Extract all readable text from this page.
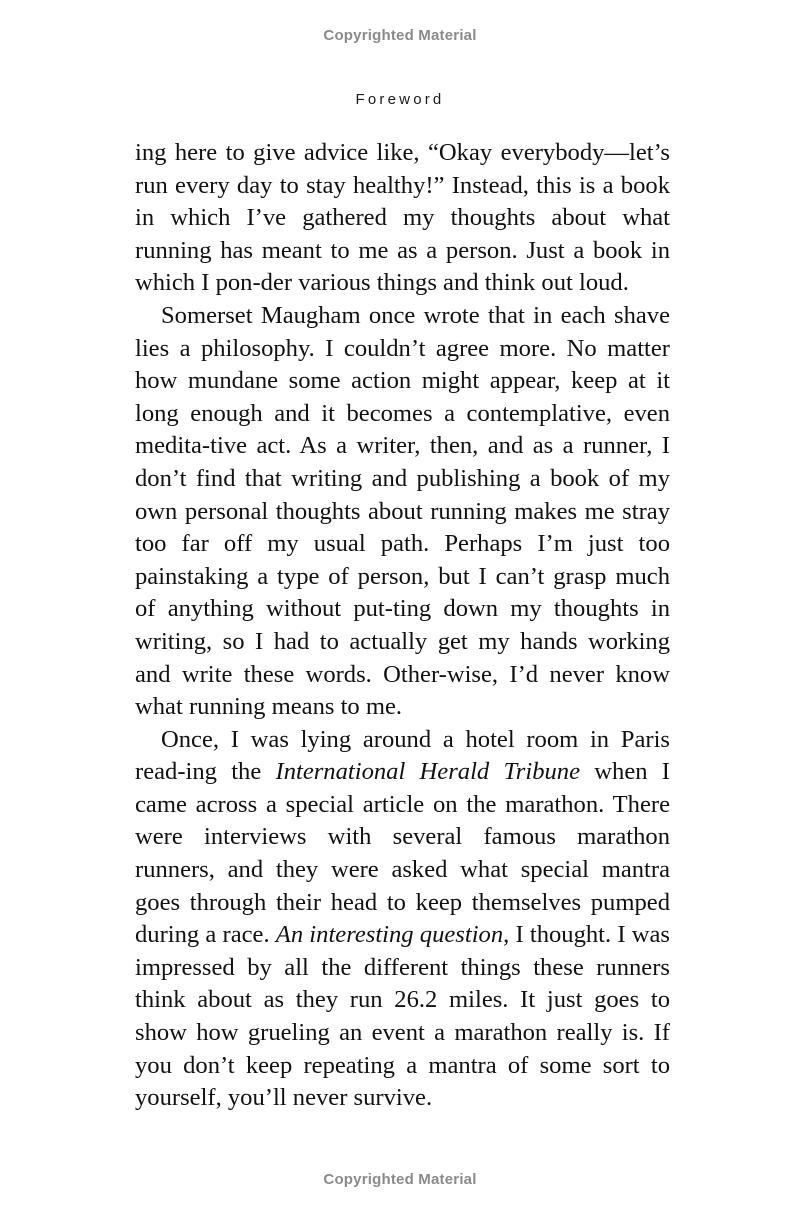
Copyrighted Material
Foreword

ing here to give advice like, “Okay everybody—let’s run every day to stay healthy!” Instead, this is a book in which I’ve gathered my thoughts about what running has meant to me as a person. Just a book in which I pon-der various things and think out loud.

Somerset Maugham once wrote that in each shave lies a philosophy. I couldn’t agree more. No matter how mundane some action might appear, keep at it long enough and it becomes a contemplative, even medita-tive act. As a writer, then, and as a runner, I don’t find that writing and publishing a book of my own personal thoughts about running makes me stray too far off my usual path. Perhaps I’m just too painstaking a type of person, but I can’t grasp much of anything without put-ting down my thoughts in writing, so I had to actually get my hands working and write these words. Other-wise, I’d never know what running means to me.

Once, I was lying around a hotel room in Paris read-ing the International Herald Tribune when I came across a special article on the marathon. There were interviews with several famous marathon runners, and they were asked what special mantra goes through their head to keep themselves pumped during a race. An interesting question, I thought. I was impressed by all the different things these runners think about as they run 26.2 miles. It just goes to show how grueling an event a marathon really is. If you don’t keep repeating a mantra of some sort to yourself, you’ll never survive.

Copyrighted Material
